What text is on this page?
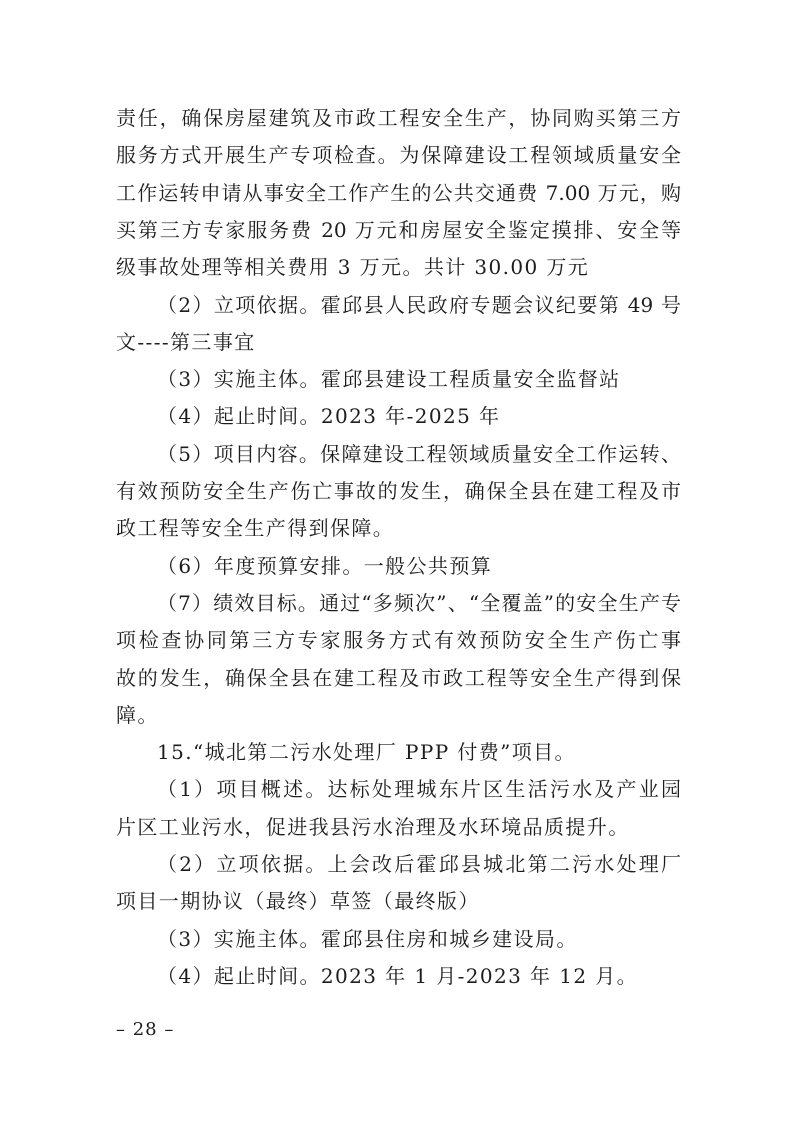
责任，确保房屋建筑及市政工程安全生产，协同购买第三方
服务方式开展生产专项检查。为保障建设工程领域质量安全
工作运转申请从事安全工作产生的公共交通费 7.00 万元，购
买第三方专家服务费 20 万元和房屋安全鉴定摸排、安全等
级事故处理等相关费用 3 万元。共计 30.00 万元
（2）立项依据。霍邱县人民政府专题会议纪要第 49 号
文----第三事宜
（3）实施主体。霍邱县建设工程质量安全监督站
（4）起止时间。2023 年-2025 年
（5）项目内容。保障建设工程领域质量安全工作运转、
有效预防安全生产伤亡事故的发生，确保全县在建工程及市
政工程等安全生产得到保障。
（6）年度预算安排。一般公共预算
（7）绩效目标。通过“多频次”、“全覆盖”的安全生产专
项检查协同第三方专家服务方式有效预防安全生产伤亡事
故的发生，确保全县在建工程及市政工程等安全生产得到保
障。
15.“城北第二污水处理厂 PPP 付费”项目。
（1）项目概述。达标处理城东片区生活污水及产业园
片区工业污水，促进我县污水治理及水环境品质提升。
（2）立项依据。上会改后霍邱县城北第二污水处理厂
项目一期协议（最终）草签（最终版）
（3）实施主体。霍邱县住房和城乡建设局。
（4）起止时间。2023 年 1 月-2023 年 12 月。
– 28 –
